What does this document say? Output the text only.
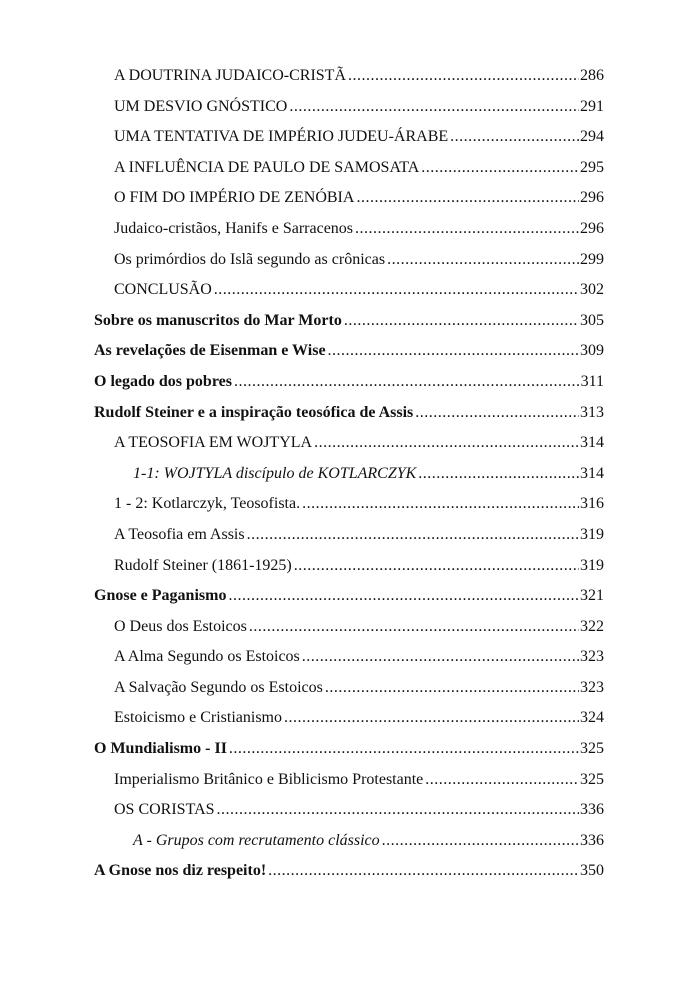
A DOUTRINA JUDAICO-CRISTÃ .....	286
UM DESVIO GNÓSTICO .....	291
UMA TENTATIVA DE IMPÉRIO JUDEU-ÁRABE .....	294
A INFLUÊNCIA DE PAULO DE SAMOSATA .....	295
O FIM DO IMPÉRIO DE ZENÓBIA .....	296
Judaico-cristãos, Hanifs e Sarracenos .....	296
Os primórdios do Islã segundo as crônicas .....	299
CONCLUSÃO .....	302
Sobre os manuscritos do Mar Morto .....	305
As revelações de Eisenman e Wise .....	309
O legado dos pobres .....	311
Rudolf Steiner e a inspiração teosófica de Assis .....	313
A TEOSOFIA EM WOJTYLA .....	314
1-1: WOJTYLA discípulo de KOTLARCZYK .....	314
1 - 2: Kotlarczyk, Teosofista. .....	316
A Teosofia em Assis .....	319
Rudolf Steiner (1861-1925) .....	319
Gnose e Paganismo .....	321
O Deus dos Estoicos .....	322
A Alma Segundo os Estoicos .....	323
A Salvação Segundo os Estoicos .....	323
Estoicismo e Cristianismo .....	324
O Mundialismo - II .....	325
Imperialismo Britânico e Biblicismo Protestante .....	325
OS CORISTAS .....	336
A - Grupos com recrutamento clássico .....	336
A Gnose nos diz respeito! .....	350
